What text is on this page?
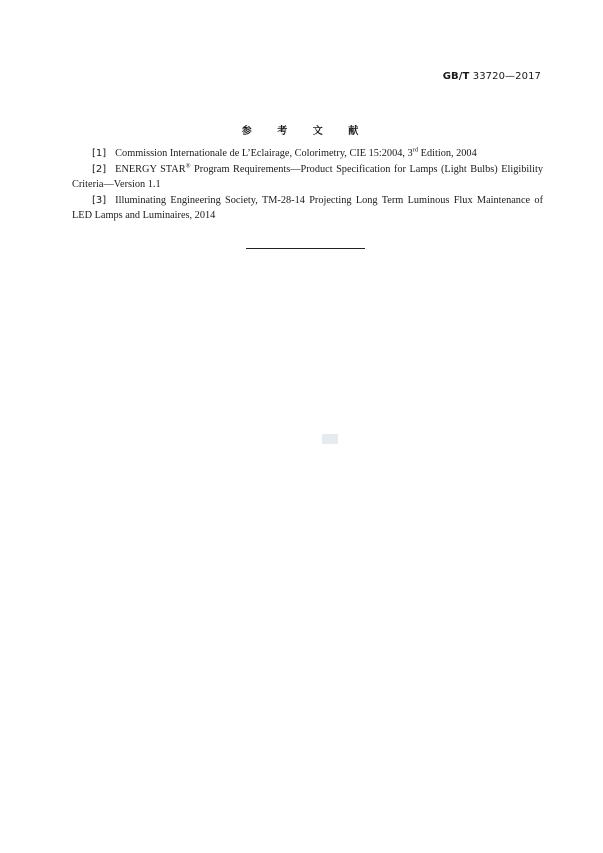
GB/T 33720—2017
参 考 文 献
[1] Commission Internationale de L’Eclairage, Colorimetry, CIE 15:2004, 3rd Edition, 2004
[2] ENERGY STAR® Program Requirements—Product Specification for Lamps (Light Bulbs) Eligibility Criteria—Version 1.1
[3] Illuminating Engineering Society, TM-28-14 Projecting Long Term Luminous Flux Maintenance of LED Lamps and Luminaires, 2014
